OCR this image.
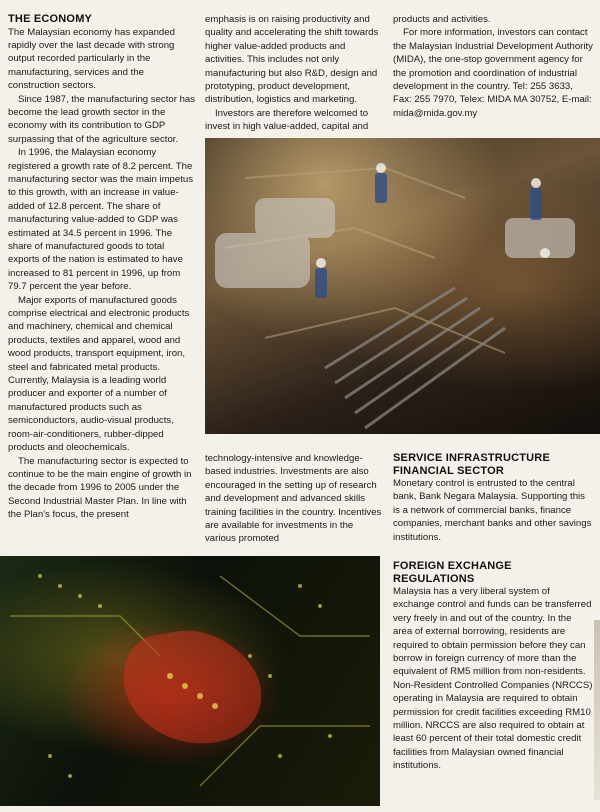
THE ECONOMY

The Malaysian economy has expanded rapidly over the last decade with strong output recorded particularly in the manufacturing, services and the construction sectors.

Since 1987, the manufacturing sector has become the lead growth sector in the economy with its contribution to GDP surpassing that of the agriculture sector.

In 1996, the Malaysian economy registered a growth rate of 8.2 percent. The manufacturing sector was the main impetus to this growth, with an increase in value-added of 12.8 percent. The share of manufacturing value-added to GDP was estimated at 34.5 percent in 1996. The share of manufactured goods to total exports of the nation is estimated to have increased to 81 percent in 1996, up from 79.7 percent the year before.

Major exports of manufactured goods comprise electrical and electronic products and machinery, chemical and chemical products, textiles and apparel, wood and wood products, transport equipment, iron, steel and fabricated metal products. Currently, Malaysia is a leading world producer and exporter of a number of manufactured products such as semiconductors, audio-visual products, room-air-conditioners, rubber-dipped products and oleochemicals.

The manufacturing sector is expected to continue to be the main engine of growth in the decade from 1996 to 2005 under the Second Industrial Master Plan. In line with the Plan's focus, the present

emphasis is on raising productivity and quality and accelerating the shift towards higher value-added products and activities. This includes not only manufacturing but also R&D, design and prototyping, product development, distribution, logistics and marketing.

Investors are therefore welcomed to invest in high value-added, capital and

products and activities.

For more information, investors can contact the Malaysian Industrial Development Authority (MIDA), the one-stop government agency for the promotion and coordination of industrial development in the country. Tel: 255 3633, Fax: 255 7970, Telex: MIDA MA 30752, E-mail: mida@mida.gov.my

technology-intensive and knowledge-based industries. Investments are also encouraged in the setting up of research and development and advanced skills training facilities in the country. Incentives are available for investments in the various promoted

SERVICE INFRASTRUCTURE FINANCIAL SECTOR

Monetary control is entrusted to the central bank, Bank Negara Malaysia. Supporting this is a network of commercial banks, finance companies, merchant banks and other savings institutions.

FOREIGN EXCHANGE REGULATIONS

Malaysia has a very liberal system of exchange control and funds can be transferred very freely in and out of the country. In the area of external borrowing, residents are required to obtain permission before they can borrow in foreign currency of more than the equivalent of RM5 million from non-residents. Non-Resident Controlled Companies (NRCCS) operating in Malaysia are required to obtain permission for credit facilities exceeding RM10 million. NRCCS are also required to obtain at least 60 percent of their total domestic credit facilities from Malaysian owned financial institutions.
